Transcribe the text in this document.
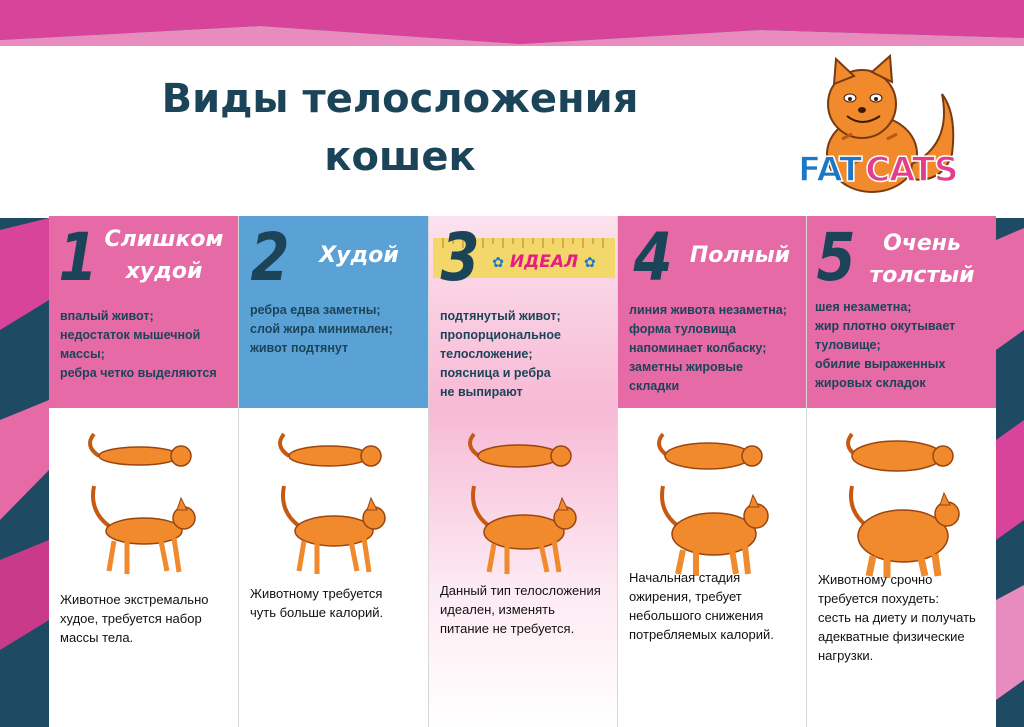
Виды телосложения
кошек	FAT CATS
1 Слишком
худой
впалый живот;
недостаток мышечной
массы;
ребра четко выделяются
Животное экстремально
худое, требуется набор
массы тела.
2	Худой
ребра едва заметны;
слой жира минимален;
живот подтянут
Животному требуется
чуть больше калорий.
3 ✿ ИДЕАЛ ✿
подтянутый живот;
пропорциональное
телосложение;
поясница и ребра
не выпирают
Данный тип телосложения
идеален, изменять
питание не требуется.
4 Полный
линия живота незаметна;
форма туловища
напоминает колбаску;
заметны жировые
складки
Начальная стадия
ожирения, требует
небольшого снижения
потребляемых калорий.
5	Очень
толстый
шея незаметна;
жир плотно окутывает
туловище;
обилие выраженных
жировых складок
Животному срочно
требуется похудеть:
сесть на диету и получать
адекватные физические
нагрузки.
